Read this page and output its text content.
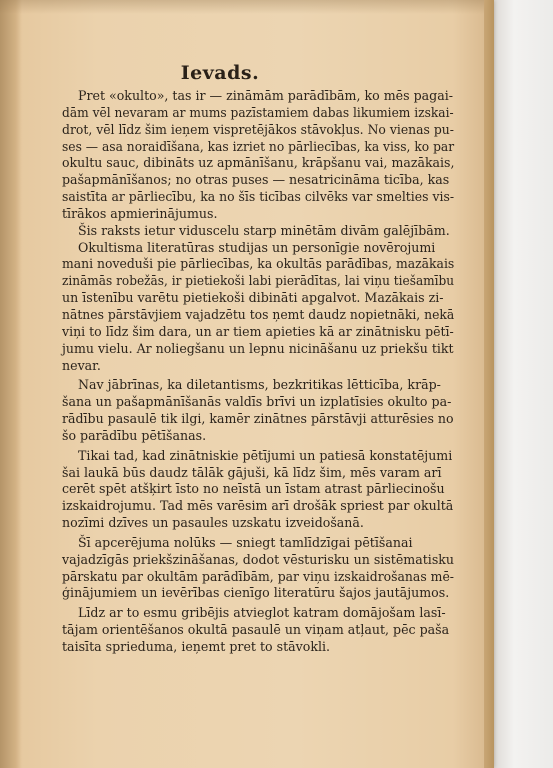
Ievads.

Pret «okulto», tas ir — zināmām parādībām, ko mēs pagai-
dām vēl nevaram ar mums pazīstamiem dabas likumiem izskai-
drot, vēl līdz šim ieņem vispretējākos stāvokļus. No vienas pu-
ses — asa noraidīšana, kas izriet no pārliecības, ka viss, ko par
okultu sauc, dibināts uz apmānīšanu, krāpšanu vai, mazākais,
pašapmānīšanos; no otras puses — nesatricināma ticība, kas
saistīta ar pārliecību, ka no šīs ticības cilvēks var smelties vis-
tīrākos apmierinājumus.

Šis raksts ietur viduscelu starp minētām divām galējībām.

Okultisma literatūras studijas un personīgie novērojumi
mani noveduši pie pārliecības, ka okultās parādības, mazākais
zināmās robežās, ir pietiekoši labi pierādītas, lai viņu tiešamību
un īstenību varētu pietiekoši dibināti apgalvot. Mazākais zi-
nātnes pārstāvjiem vajadzētu tos ņemt daudz nopietnāki, nekā
viņi to līdz šim dara, un ar tiem apieties kā ar zinātnisku pētī-
jumu vielu. Ar noliegšanu un lepnu nicināšanu uz priekšu tikt
nevar.

Nav jābrīnas, ka diletantisms, bezkritikas lētticība, krāp-
šana un pašapmānīšanās valdīs brīvi un izplatīsies okulto pa-
rādību pasaulē tik ilgi, kamēr zinātnes pārstāvji atturēsies no
šo parādību pētīšanas.

Tikai tad, kad zinātniskie pētījumi un patiesā konstatējumi
šai laukā būs daudz tālāk gājuši, kā līdz šim, mēs varam arī
cerēt spēt atšķirt īsto no neīstā un īstam atrast pārliecinošu
izskaidrojumu. Tad mēs varēsim arī drošāk spriest par okultā
nozīmi dzīves un pasaules uzskatu izveidošanā.

Šī apcerējuma nolūks — sniegt tamlīdzīgai pētīšanai
vajadzīgās priekšzināšanas, dodot vēsturisku un sistēmatisku
pārskatu par okultām parādībām, par viņu izskaidrošanas mē-
ģinājumiem un ievērības cienīgo literatūru šajos jautājumos.

Līdz ar to esmu gribējis atvieglot katram domājošam lasī-
tājam orientēšanos okultā pasaulē un viņam atļaut, pēc paša
taisīta sprieduma, ieņemt pret to stāvokli.
